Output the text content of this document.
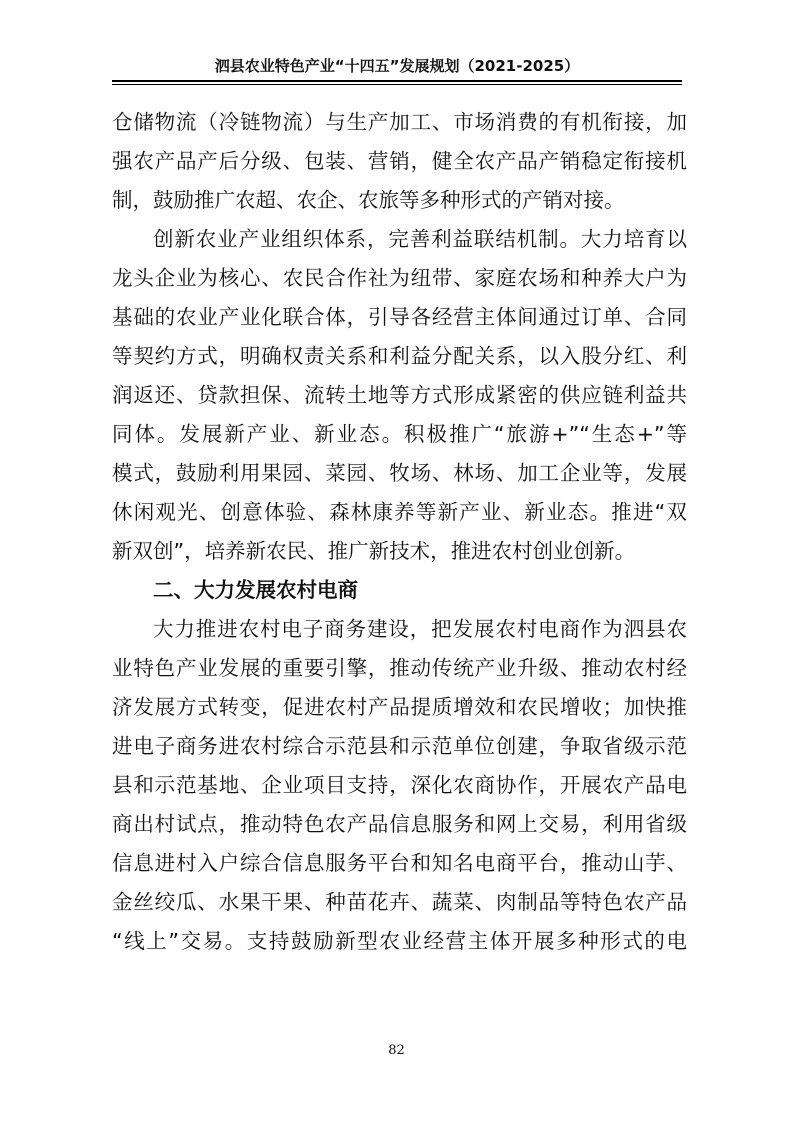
泗县农业特色产业“十四五”发展规划（2021-2025）
仓储物流（冷链物流）与生产加工、市场消费的有机衔接，加
强农产品产后分级、包装、营销，健全农产品产销稳定衔接机
制，鼓励推广农超、农企、农旅等多种形式的产销对接。
创新农业产业组织体系，完善利益联结机制。大力培育以
龙头企业为核心、农民合作社为纽带、家庭农场和种养大户为
基础的农业产业化联合体，引导各经营主体间通过订单、合同
等契约方式，明确权责关系和利益分配关系，以入股分红、利
润返还、贷款担保、流转土地等方式形成紧密的供应链利益共
同体。发展新产业、新业态。积极推广“旅游+”“生态+”等
模式，鼓励利用果园、菜园、牧场、林场、加工企业等，发展
休闲观光、创意体验、森林康养等新产业、新业态。推进“双
新双创”，培养新农民、推广新技术，推进农村创业创新。
二、大力发展农村电商
大力推进农村电子商务建设，把发展农村电商作为泗县农
业特色产业发展的重要引擎，推动传统产业升级、推动农村经
济发展方式转变，促进农村产品提质增效和农民增收；加快推
进电子商务进农村综合示范县和示范单位创建，争取省级示范
县和示范基地、企业项目支持，深化农商协作，开展农产品电
商出村试点，推动特色农产品信息服务和网上交易，利用省级
信息进村入户综合信息服务平台和知名电商平台，推动山芋、
金丝绞瓜、水果干果、种苗花卉、蔬菜、肉制品等特色农产品
“线上”交易。支持鼓励新型农业经营主体开展多种形式的电
82
